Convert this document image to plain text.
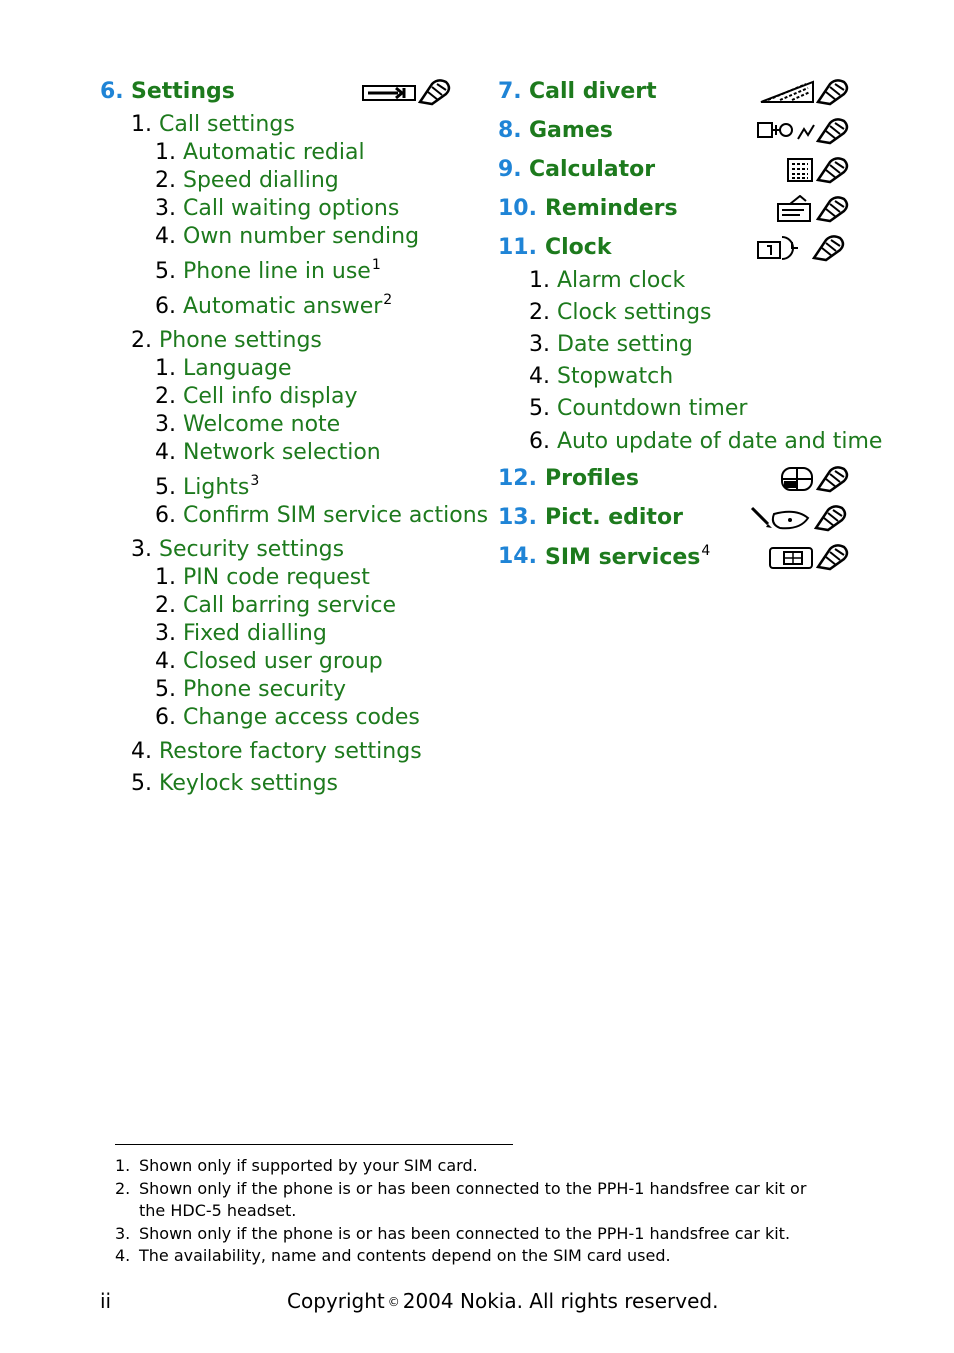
6. Settings
1. Call settings
1. Automatic redial
2. Speed dialling
3. Call waiting options
4. Own number sending
5. Phone line in use$^1$
6. Automatic answer$^2$
2. Phone settings
1. Language
2. Cell info display
3. Welcome note
4. Network selection
5. Lights$^3$
6. Confirm SIM service actions
3. Security settings
1. PIN code request
2. Call barring service
3. Fixed dialling
4. Closed user group
5. Phone security
6. Change access codes
4. Restore factory settings
5. Keylock settings
7. Call divert
8. Games
9. Calculator
10. Reminders
11. Clock
1. Alarm clock
2. Clock settings
3. Date setting
4. Stopwatch
5. Countdown timer
6. Auto update of date and time
12. Profiles
13. Pict. editor
14. SIM services$^4$
1. Shown only if supported by your SIM card.
2. Shown only if the phone is or has been connected to the PPH-1 handsfree car kit or the HDC-5 headset.
3. Shown only if the phone is or has been connected to the PPH-1 handsfree car kit.
4. The availability, name and contents depend on the SIM card used.
ii	Copyright © 2004 Nokia. All rights reserved.
